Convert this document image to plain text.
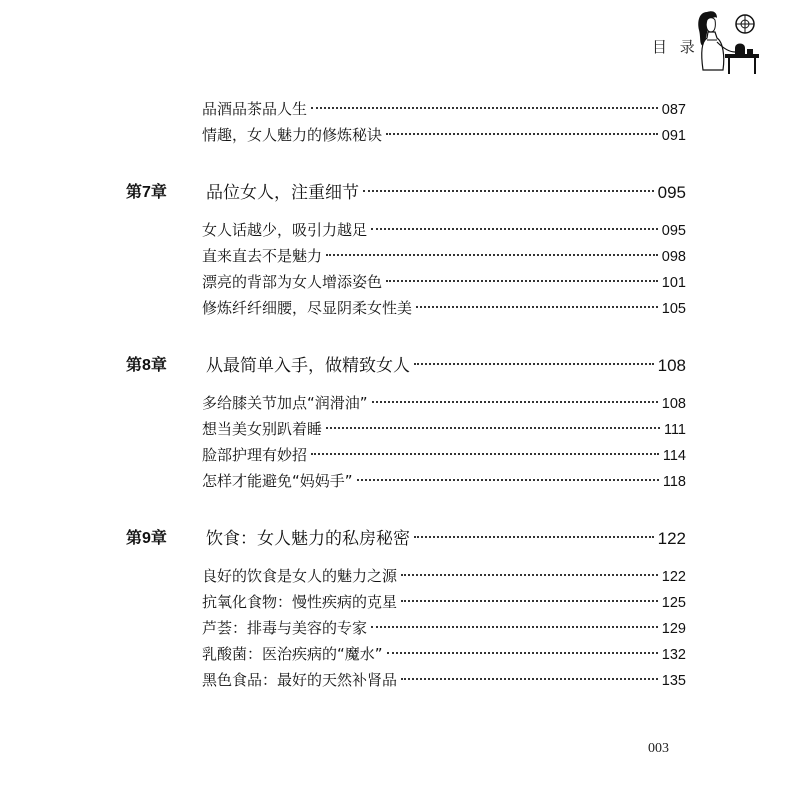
目 录
品酒品茶品人生	087
情趣，女人魅力的修炼秘诀	091
第7章 品位女人，注重细节	095
女人话越少，吸引力越足	095
直来直去不是魅力	098
漂亮的背部为女人增添姿色	101
修炼纤纤细腰，尽显阴柔女性美	105
第8章 从最简单入手，做精致女人	108
多给膝关节加点“润滑油”	108
想当美女别趴着睡	111
脸部护理有妙招	114
怎样才能避免“妈妈手”	118
第9章 饮食：女人魅力的私房秘密	122
良好的饮食是女人的魅力之源	122
抗氧化食物：慢性疾病的克星	125
芦荟：排毒与美容的专家	129
乳酸菌：医治疾病的“魔水”	132
黑色食品：最好的天然补肾品	135
003
